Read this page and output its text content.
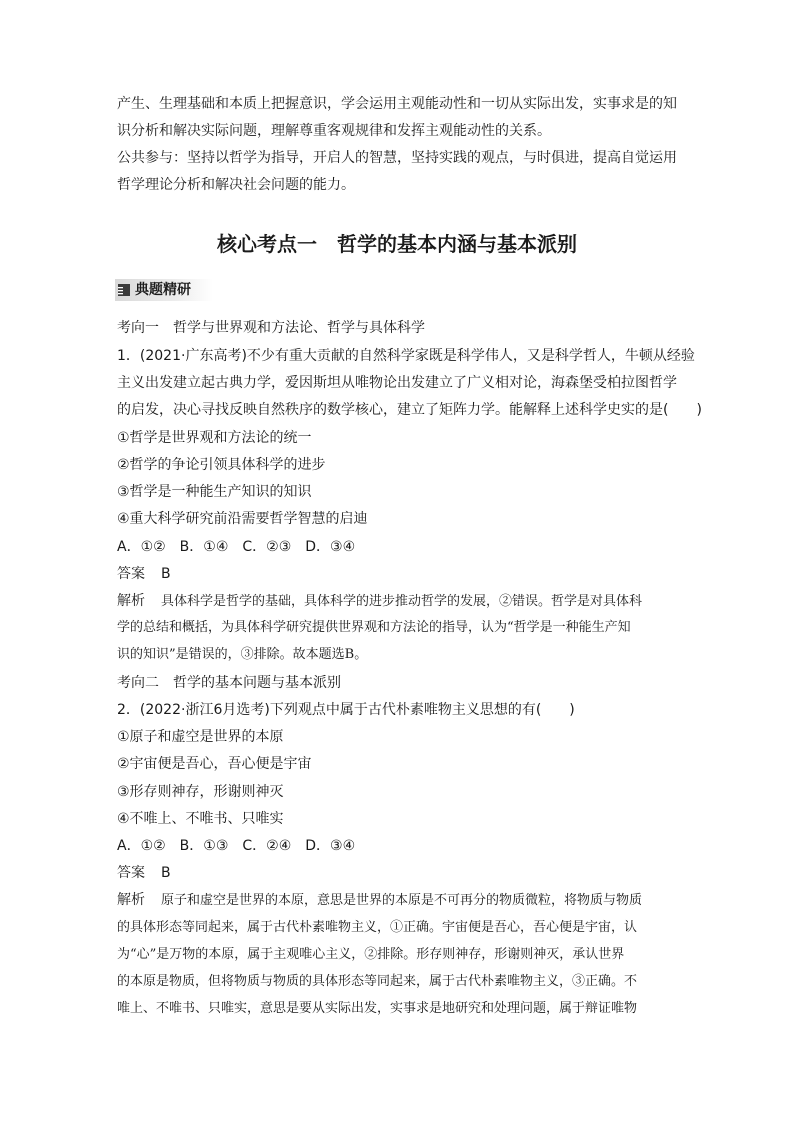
产生、生理基础和本质上把握意识，学会运用主观能动性和一切从实际出发，实事求是的知
识分析和解决实际问题，理解尊重客观规律和发挥主观能动性的关系。
公共参与：坚持以哲学为指导，开启人的智慧，坚持实践的观点，与时俱进，提高自觉运用
哲学理论分析和解决社会问题的能力。
核心考点一　哲学的基本内涵与基本派别
典题精研
考向一　哲学与世界观和方法论、哲学与具体科学
1．(2021·广东高考)不少有重大贡献的自然科学家既是科学伟人，又是科学哲人，牛顿从经验
主义出发建立起古典力学，爱因斯坦从唯物论出发建立了广义相对论，海森堡受柏拉图哲学
的启发，决心寻找反映自然秩序的数学核心，建立了矩阵力学。能解释上述科学史实的是(　　)
①哲学是世界观和方法论的统一
②哲学的争论引领具体科学的进步
③哲学是一种能生产知识的知识
④重大科学研究前沿需要哲学智慧的启迪
A．①②　B．①④　C．②③　D．③④
答案 B
解析 具体科学是哲学的基础，具体科学的进步推动哲学的发展，②错误。哲学是对具体科
学的总结和概括，为具体科学研究提供世界观和方法论的指导，认为“哲学是一种能生产知
识的知识”是错误的，③排除。故本题选B。
考向二　哲学的基本问题与基本派别
2．(2022·浙江6月选考)下列观点中属于古代朴素唯物主义思想的有(　　)
①原子和虚空是世界的本原
②宇宙便是吾心，吾心便是宇宙
③形存则神存，形谢则神灭
④不唯上、不唯书、只唯实
A．①②　B．①③　C．②④　D．③④
答案 B
解析 原子和虚空是世界的本原，意思是世界的本原是不可再分的物质微粒，将物质与物质
的具体形态等同起来，属于古代朴素唯物主义，①正确。宇宙便是吾心，吾心便是宇宙，认
为“心”是万物的本原，属于主观唯心主义，②排除。形存则神存，形谢则神灭，承认世界
的本原是物质，但将物质与物质的具体形态等同起来，属于古代朴素唯物主义，③正确。不
唯上、不唯书、只唯实，意思是要从实际出发，实事求是地研究和处理问题，属于辩证唯物
